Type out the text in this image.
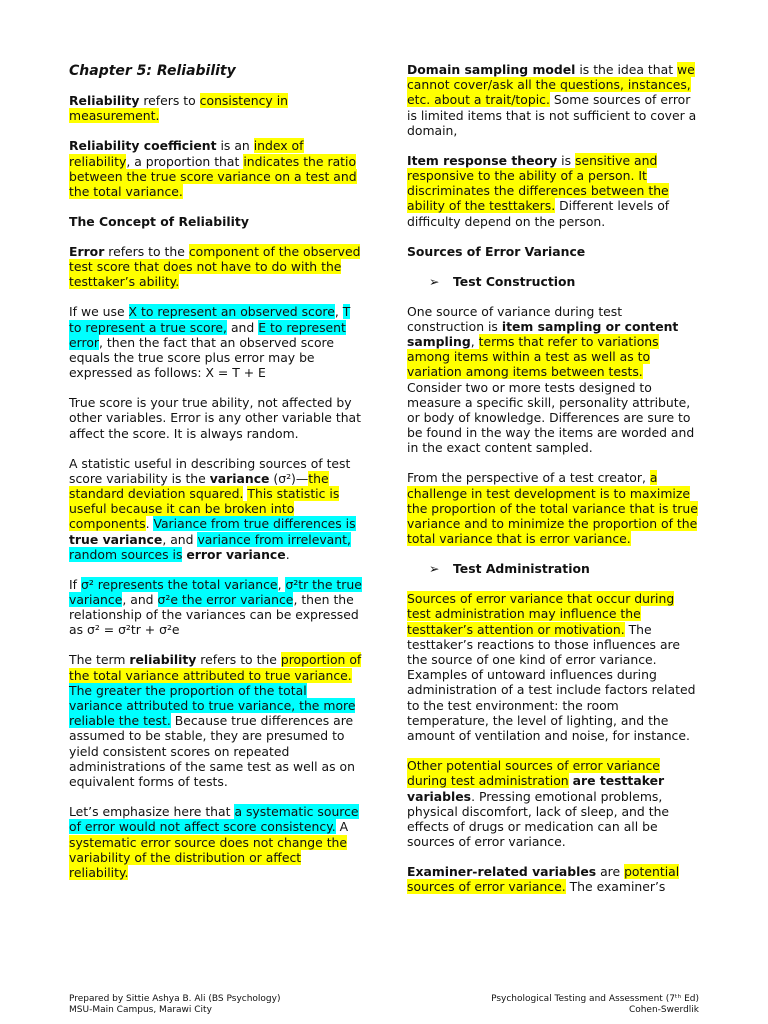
Chapter 5: Reliability

Reliability refers to consistency in measurement.

Reliability coefficient is an index of reliability, a proportion that indicates the ratio between the true score variance on a test and the total variance.

The Concept of Reliability

Error refers to the component of the observed test score that does not have to do with the testtaker’s ability.

If we use X to represent an observed score, T to represent a true score, and E to represent error, then the fact that an observed score equals the true score plus error may be expressed as follows: X = T + E

True score is your true ability, not affected by other variables. Error is any other variable that affect the score. It is always random.

A statistic useful in describing sources of test score variability is the variance (σ²)—the standard deviation squared. This statistic is useful because it can be broken into components. Variance from true differences is true variance, and variance from irrelevant, random sources is error variance.

If σ² represents the total variance, σ²tr the true variance, and σ²e the error variance, then the relationship of the variances can be expressed as σ² = σ²tr + σ²e

The term reliability refers to the proportion of the total variance attributed to true variance. The greater the proportion of the total variance attributed to true variance, the more reliable the test. Because true differences are assumed to be stable, they are presumed to yield consistent scores on repeated administrations of the same test as well as on equivalent forms of tests.

Let’s emphasize here that a systematic source of error would not affect score consistency. A systematic error source does not change the variability of the distribution or affect reliability.

Domain sampling model is the idea that we cannot cover/ask all the questions, instances, etc. about a trait/topic. Some sources of error is limited items that is not sufficient to cover a domain,

Item response theory is sensitive and responsive to the ability of a person. It discriminates the differences between the ability of the testtakers. Different levels of difficulty depend on the person.

Sources of Error Variance

➢ Test Construction

One source of variance during test construction is item sampling or content sampling, terms that refer to variations among items within a test as well as to variation among items between tests. Consider two or more tests designed to measure a specific skill, personality attribute, or body of knowledge. Differences are sure to be found in the way the items are worded and in the exact content sampled.

From the perspective of a test creator, a challenge in test development is to maximize the proportion of the total variance that is true variance and to minimize the proportion of the total variance that is error variance.

➢ Test Administration

Sources of error variance that occur during test administration may influence the testtaker’s attention or motivation. The testtaker’s reactions to those influences are the source of one kind of error variance. Examples of untoward influences during administration of a test include factors related to the test environment: the room temperature, the level of lighting, and the amount of ventilation and noise, for instance.

Other potential sources of error variance during test administration are testtaker variables. Pressing emotional problems, physical discomfort, lack of sleep, and the effects of drugs or medication can all be sources of error variance.

Examiner-related variables are potential sources of error variance. The examiner’s

Prepared by Sittie Ashya B. Ali (BS Psychology)
MSU-Main Campus, Marawi City
Psychological Testing and Assessment (7ᵗʰ Ed)
Cohen-Swerdlik
